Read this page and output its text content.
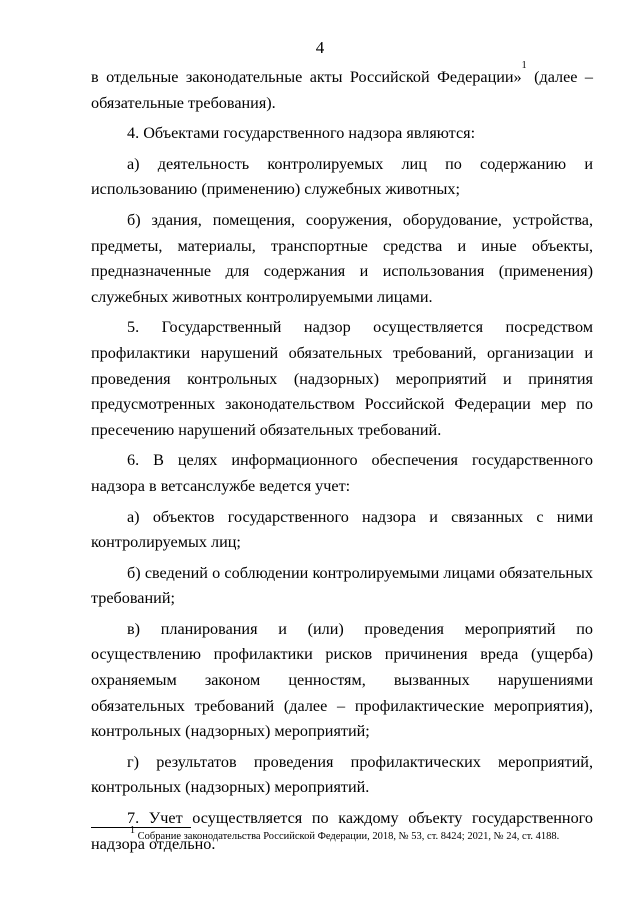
4

в отдельные законодательные акты Российской Федерации»$^1$ (далее – обязательные требования).

4. Объектами государственного надзора являются:

а) деятельность контролируемых лиц по содержанию и использованию (применению) служебных животных;

б) здания, помещения, сооружения, оборудование, устройства, предметы, материалы, транспортные средства и иные объекты, предназначенные для содержания и использования (применения) служебных животных контролируемыми лицами.

5. Государственный надзор осуществляется посредством профилактики нарушений обязательных требований, организации и проведения контрольных (надзорных) мероприятий и принятия предусмотренных законодательством Российской Федерации мер по пресечению нарушений обязательных требований.

6. В целях информационного обеспечения государственного надзора в ветсанслужбе ведется учет:

а) объектов государственного надзора и связанных с ними контролируемых лиц;

б) сведений о соблюдении контролируемыми лицами обязательных требований;

в) планирования и (или) проведения мероприятий по осуществлению профилактики рисков причинения вреда (ущерба) охраняемым законом ценностям, вызванных нарушениями обязательных требований (далее – профилактические мероприятия), контрольных (надзорных) мероприятий;

г) результатов проведения профилактических мероприятий, контрольных (надзорных) мероприятий.

7. Учет осуществляется по каждому объекту государственного надзора отдельно.

$^1$ Собрание законодательства Российской Федерации, 2018, № 53, ст. 8424; 2021, № 24, ст. 4188.
